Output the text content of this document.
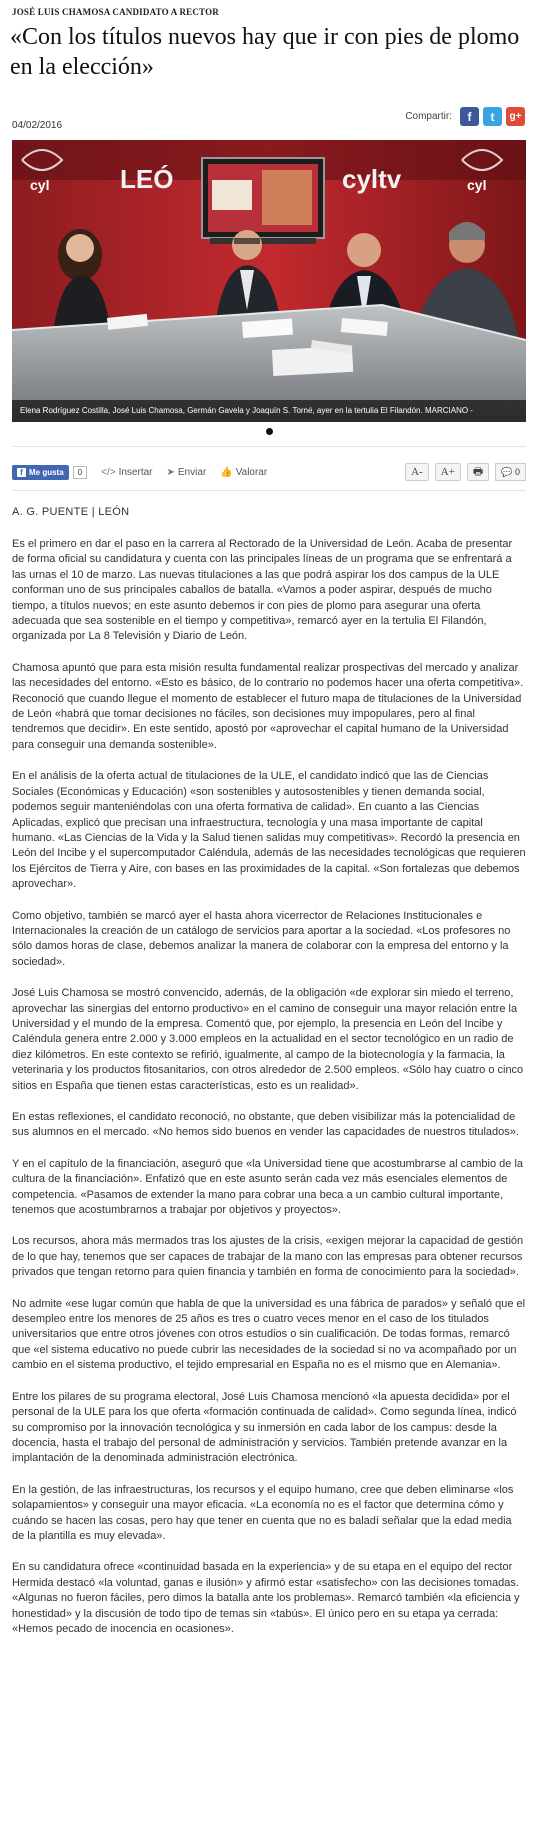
JOSÉ LUIS CHAMOSA CANDIDATO A RECTOR
«Con los títulos nuevos hay que ir con pies de plomo en la elección»
04/02/2016
Compartir:	f	t	g+
cyl	cyl
LEÓ	cyltv
Elena Rodríguez Costilla, José Luis Chamosa, Germán Gavela y Joaquín S. Torné, ayer en la tertulia El Filandón. MARCIANO -
f Me gusta	0	</> Insertar ➤ Enviar 👍 Valorar	A-	A+	🖶	💬 0
A. G. PUENTE | LEÓN

Es el primero en dar el paso en la carrera al Rectorado de la Universidad de León. Acaba de presentar de forma oficial su candidatura y cuenta con las principales líneas de un programa que se enfrentará a las urnas el 10 de marzo. Las nuevas titulaciones a las que podrá aspirar los dos campus de la ULE conforman uno de sus principales caballos de batalla. «Vamos a poder aspirar, después de mucho tiempo, a títulos nuevos; en este asunto debemos ir con pies de plomo para asegurar una oferta adecuada que sea sostenible en el tiempo y competitiva», remarcó ayer en la tertulia El Filandón, organizada por La 8 Televisión y Diario de León.

Chamosa apuntó que para esta misión resulta fundamental realizar prospectivas del mercado y analizar las necesidades del entorno. «Esto es básico, de lo contrario no podemos hacer una oferta competitiva». Reconoció que cuando llegue el momento de establecer el futuro mapa de titulaciones de la Universidad de León «habrá que tomar decisiones no fáciles, son decisiones muy impopulares, pero al final tendremos que decidir». En este sentido, apostó por «aprovechar el capital humano de la Universidad para conseguir una demanda sostenible».

En el análisis de la oferta actual de titulaciones de la ULE, el candidato indicó que las de Ciencias Sociales (Económicas y Educación) «son sostenibles y autosostenibles y tienen demanda social, podemos seguir manteniéndolas con una oferta formativa de calidad». En cuanto a las Ciencias Aplicadas, explicó que precisan una infraestructura, tecnología y una masa importante de capital humano. «Las Ciencias de la Vida y la Salud tienen salidas muy competitivas». Recordó la presencia en León del Incibe y el supercomputador Caléndula, además de las necesidades tecnológicas que requieren los Ejércitos de Tierra y Aire, con bases en las proximidades de la capital. «Son fortalezas que debemos aprovechar».

Como objetivo, también se marcó ayer el hasta ahora vicerrector de Relaciones Institucionales e Internacionales la creación de un catálogo de servicios para aportar a la sociedad. «Los profesores no sólo damos horas de clase, debemos analizar la manera de colaborar con la empresa del entorno y la sociedad».

José Luis Chamosa se mostró convencido, además, de la obligación «de explorar sin miedo el terreno, aprovechar las sinergias del entorno productivo» en el camino de conseguir una mayor relación entre la Universidad y el mundo de la empresa. Comentó que, por ejemplo, la presencia en León del Incibe y Caléndula genera entre 2.000 y 3.000 empleos en la actualidad en el sector tecnológico en un radio de diez kilómetros. En este contexto se refirió, igualmente, al campo de la biotecnología y la farmacia, la veterinaria y los productos fitosanitarios, con otros alrededor de 2.500 empleos. «Sólo hay cuatro o cinco sitios en España que tienen estas características, esto es un realidad».

En estas reflexiones, el candidato reconoció, no obstante, que deben visibilizar más la potencialidad de sus alumnos en el mercado. «No hemos sido buenos en vender las capacidades de nuestros titulados».

Y en el capítulo de la financiación, aseguró que «la Universidad tiene que acostumbrarse al cambio de la cultura de la financiación». Enfatizó que en este asunto serán cada vez más esenciales elementos de competencia. «Pasamos de extender la mano para cobrar una beca a un cambio cultural importante, tenemos que acostumbrarnos a trabajar por objetivos y proyectos».

Los recursos, ahora más mermados tras los ajustes de la crisis, «exigen mejorar la capacidad de gestión de lo que hay, tenemos que ser capaces de trabajar de la mano con las empresas para obtener recursos privados que tengan retorno para quien financia y también en forma de conocimiento para la sociedad».

No admite «ese lugar común que habla de que la universidad es una fábrica de parados» y señaló que el desempleo entre los menores de 25 años es tres o cuatro veces menor en el caso de los titulados universitarios que entre otros jóvenes con otros estudios o sin cualificación. De todas formas, remarcó que «el sistema educativo no puede cubrir las necesidades de la sociedad si no va acompañado por un cambio en el sistema productivo, el tejido empresarial en España no es el mismo que en Alemania».

Entre los pilares de su programa electoral, José Luis Chamosa mencionó «la apuesta decidida» por el personal de la ULE para los que oferta «formación continuada de calidad». Como segunda línea, indicó su compromiso por la innovación tecnológica y su inmersión en cada labor de los campus: desde la docencia, hasta el trabajo del personal de administración y servicios. También pretende avanzar en la implantación de la denominada administración electrónica.

En la gestión, de las infraestructuras, los recursos y el equipo humano, cree que deben eliminarse «los solapamientos» y conseguir una mayor eficacia. «La economía no es el factor que determina cómo y cuándo se hacen las cosas, pero hay que tener en cuenta que no es baladí señalar que la edad media de la plantilla es muy elevada».

En su candidatura ofrece «continuidad basada en la experiencia» y de su etapa en el equipo del rector Hermida destacó «la voluntad, ganas e ilusión» y afirmó estar «satisfecho» con las decisiones tomadas. «Algunas no fueron fáciles, pero dimos la batalla ante los problemas». Remarcó también «la eficiencia y honestidad» y la discusión de todo tipo de temas sin «tabús». El único pero en su etapa ya cerrada: «Hemos pecado de inocencia en ocasiones».
